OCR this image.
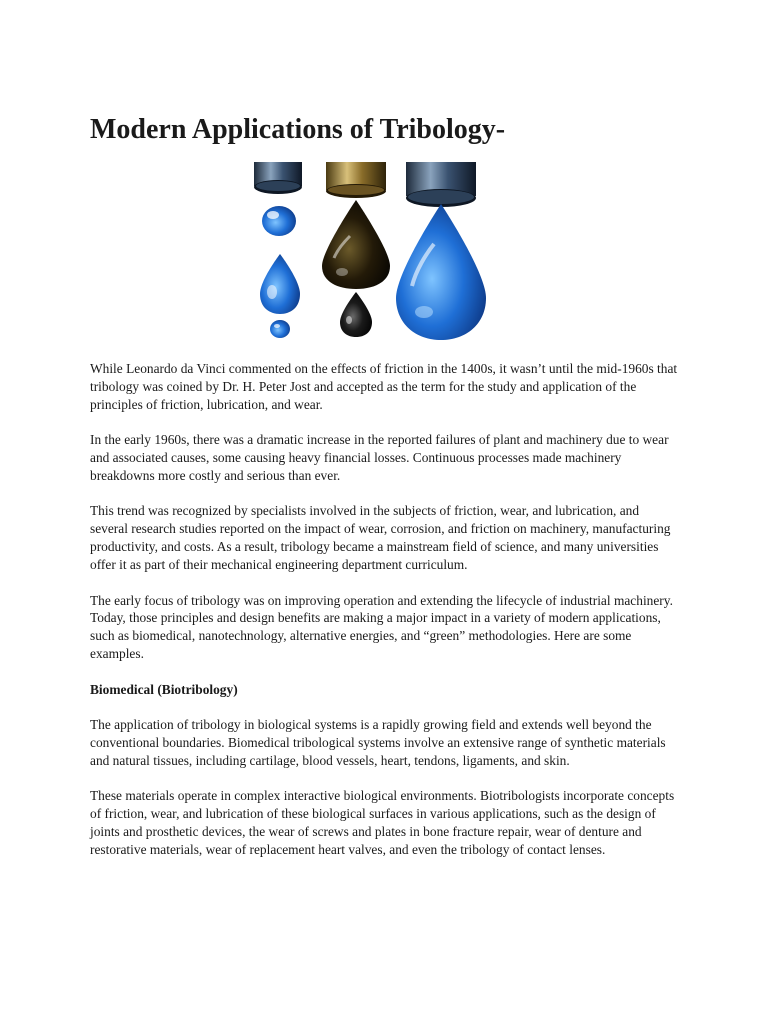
Modern Applications of Tribology-

While Leonardo da Vinci commented on the effects of friction in the 1400s, it wasn’t until the mid-1960s that tribology was coined by Dr. H. Peter Jost and accepted as the term for the study and application of the principles of friction, lubrication, and wear.

In the early 1960s, there was a dramatic increase in the reported failures of plant and machinery due to wear and associated causes, some causing heavy financial losses. Continuous processes made machinery breakdowns more costly and serious than ever.

This trend was recognized by specialists involved in the subjects of friction, wear, and lubrication, and several research studies reported on the impact of wear, corrosion, and friction on machinery, manufacturing productivity, and costs. As a result, tribology became a mainstream field of science, and many universities offer it as part of their mechanical engineering department curriculum.

The early focus of tribology was on improving operation and extending the lifecycle of industrial machinery. Today, those principles and design benefits are making a major impact in a variety of modern applications, such as biomedical, nanotechnology, alternative energies, and “green” methodologies. Here are some examples.

Biomedical (Biotribology)

The application of tribology in biological systems is a rapidly growing field and extends well beyond the conventional boundaries. Biomedical tribological systems involve an extensive range of synthetic materials and natural tissues, including cartilage, blood vessels, heart, tendons, ligaments, and skin.

These materials operate in complex interactive biological environments. Biotribologists incorporate concepts of friction, wear, and lubrication of these biological surfaces in various applications, such as the design of joints and prosthetic devices, the wear of screws and plates in bone fracture repair, wear of denture and restorative materials, wear of replacement heart valves, and even the tribology of contact lenses.
